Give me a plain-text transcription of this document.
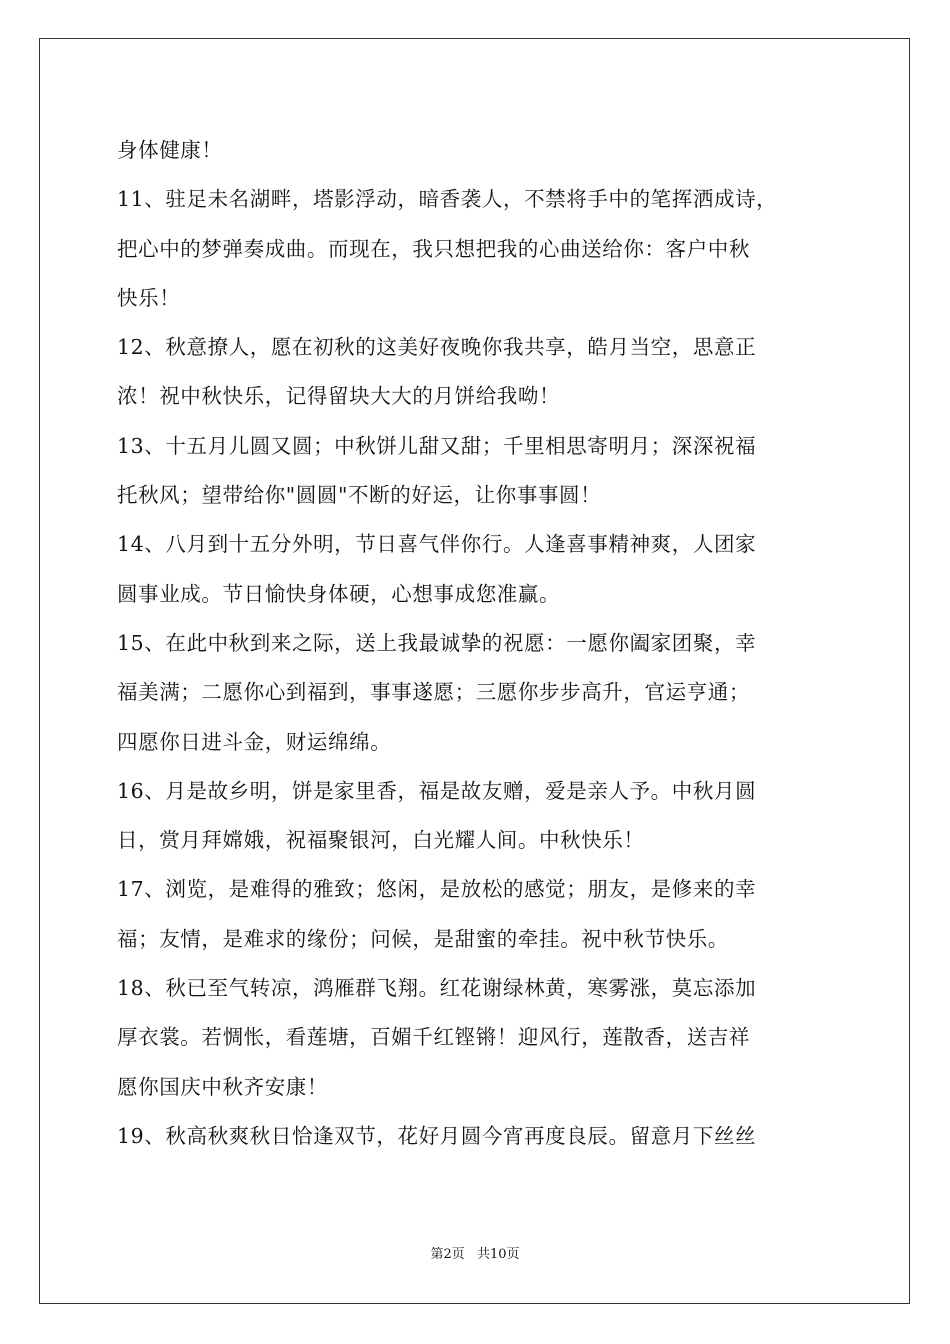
身体健康！
11、驻足未名湖畔，塔影浮动，暗香袭人，不禁将手中的笔挥洒成诗，
把心中的梦弹奏成曲。而现在，我只想把我的心曲送给你：客户中秋
快乐！
12、秋意撩人，愿在初秋的这美好夜晚你我共享，皓月当空，思意正
浓！祝中秋快乐，记得留块大大的月饼给我呦！
13、十五月儿圆又圆；中秋饼儿甜又甜；千里相思寄明月；深深祝福
托秋风；望带给你"圆圆"不断的好运，让你事事圆！
14、八月到十五分外明，节日喜气伴你行。人逢喜事精神爽，人团家
圆事业成。节日愉快身体硬，心想事成您准赢。
15、在此中秋到来之际，送上我最诚挚的祝愿：一愿你阖家团聚，幸
福美满；二愿你心到福到，事事遂愿；三愿你步步高升，官运亨通；
四愿你日进斗金，财运绵绵。
16、月是故乡明，饼是家里香，福是故友赠，爱是亲人予。中秋月圆
日，赏月拜嫦娥，祝福聚银河，白光耀人间。中秋快乐！
17、浏览，是难得的雅致；悠闲，是放松的感觉；朋友，是修来的幸
福；友情，是难求的缘份；问候，是甜蜜的牵挂。祝中秋节快乐。
18、秋已至气转凉，鸿雁群飞翔。红花谢绿林黄，寒雾涨，莫忘添加
厚衣裳。若惆怅，看莲塘，百媚千红铿锵！迎风行，莲散香，送吉祥
愿你国庆中秋齐安康！
19、秋高秋爽秋日恰逢双节，花好月圆今宵再度良辰。留意月下丝丝
第2页 共10页
